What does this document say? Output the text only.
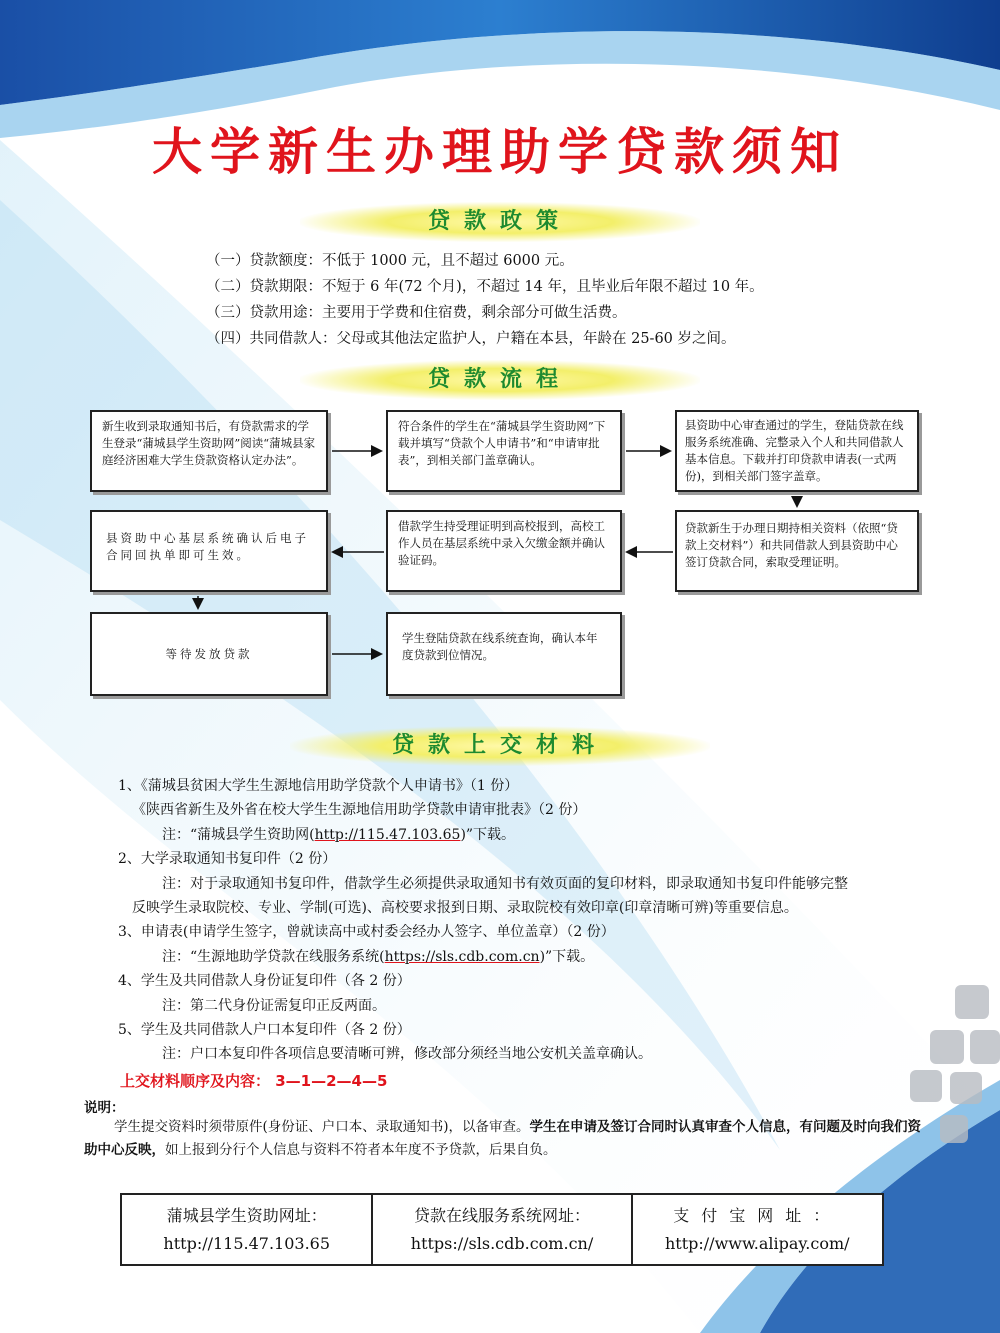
大学新生办理助学贷款须知
贷款政策
（一）贷款额度：不低于 1000 元，且不超过 6000 元。
（二）贷款期限：不短于 6 年(72 个月)，不超过 14 年，且毕业后年限不超过 10 年。
（三）贷款用途：主要用于学费和住宿费，剩余部分可做生活费。
（四）共同借款人：父母或其他法定监护人，户籍在本县，年龄在 25-60 岁之间。
贷款流程
新生收到录取通知书后，有贷款需求的学生登录“蒲城县学生资助网”阅读“蒲城县家庭经济困难大学生贷款资格认定办法”。
符合条件的学生在“蒲城县学生资助网”下载并填写“贷款个人申请书”和“申请审批表”，到相关部门盖章确认。
县资助中心审查通过的学生，登陆贷款在线服务系统准确、完整录入个人和共同借款人基本信息。下载并打印贷款申请表(一式两份)，到相关部门签字盖章。
贷款新生于办理日期持相关资料（依照“贷款上交材料”）和共同借款人到县资助中心签订贷款合同，索取受理证明。
借款学生持受理证明到高校报到，高校工作人员在基层系统中录入欠缴金额并确认验证码。
县资助中心基层系统确认后电子合同回执单即可生效。
等待发放贷款
学生登陆贷款在线系统查询，确认本年度贷款到位情况。
贷款上交材料
1、《蒲城县贫困大学生生源地信用助学贷款个人申请书》（1 份）
《陕西省新生及外省在校大学生生源地信用助学贷款申请审批表》（2 份）
注：“蒲城县学生资助网(http://115.47.103.65)”下载。
2、大学录取通知书复印件（2 份）
注：对于录取通知书复印件，借款学生必须提供录取通知书有效页面的复印材料，即录取通知书复印件能够完整
反映学生录取院校、专业、学制(可选)、高校要求报到日期、录取院校有效印章(印章清晰可辨)等重要信息。
3、申请表(申请学生签字，曾就读高中或村委会经办人签字、单位盖章）（2 份）
注：“生源地助学贷款在线服务系统(https://sls.cdb.com.cn)”下载。
4、学生及共同借款人身份证复印件（各 2 份）
注：第二代身份证需复印正反两面。
5、学生及共同借款人户口本复印件（各 2 份）
注：户口本复印件各项信息要清晰可辨，修改部分须经当地公安机关盖章确认。
上交材料顺序及内容： 3—1—2—4—5
说明：
学生提交资料时须带原件(身份证、户口本、录取通知书)，以备审查。学生在申请及签订合同时认真审查个人信息，有问题及时向我们资助中心反映，如上报到分行个人信息与资料不符者本年度不予贷款，后果自负。
蒲城县学生资助网址：
http://115.47.103.65

贷款在线服务系统网址：
https://sls.cdb.com.cn/

支付宝网址：
http://www.alipay.com/
